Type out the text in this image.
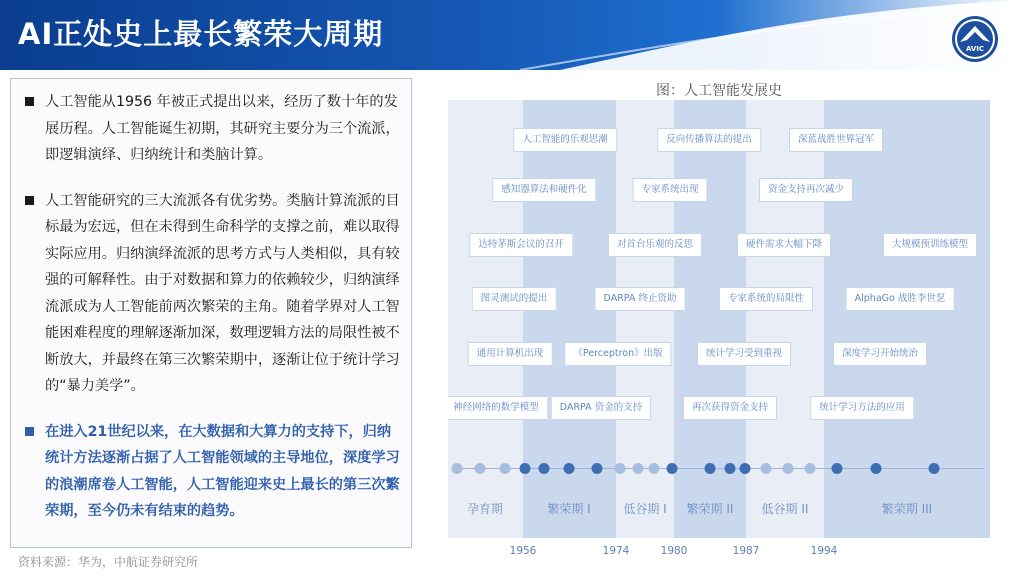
AI正处史上最长繁荣大周期	AVIC
人工智能从1956 年被正式提出以来，经历了数十年的发展历程。人工智能诞生初期，其研究主要分为三个流派，即逻辑演绎、归纳统计和类脑计算。
人工智能研究的三大流派各有优劣势。类脑计算流派的目标最为宏远，但在未得到生命科学的支撑之前，难以取得实际应用。归纳演绎流派的思考方式与人类相似，具有较强的可解释性。由于对数据和算力的依赖较少，归纳演绎流派成为人工智能前两次繁荣的主角。随着学界对人工智能困难程度的理解逐渐加深，数理逻辑方法的局限性被不断放大，并最终在第三次繁荣期中，逐渐让位于统计学习的“暴力美学”。
在进入21世纪以来，在大数据和大算力的支持下，归纳统计方法逐渐占据了人工智能领域的主导地位，深度学习的浪潮席卷人工智能，人工智能迎来史上最长的第三次繁荣期，至今仍未有结束的趋势。
资料来源：华为，中航证券研究所
图：人工智能发展史
人工智能的乐观思潮	反向传播算法的提出	深蓝战胜世界冠军
感知器算法和硬件化	专家系统出现	资金支持再次减少
达特茅斯会议的召开	对首台乐观的反思	硬件需求大幅下降	大规模预训练模型
图灵测试的提出	DARPA 终止资助	专家系统的局限性	AlphaGo 战胜李世乭
通用计算机出现	《Perceptron》出版	统计学习受到重视	深度学习开始统治
神经网络的数学模型	DARPA 资金的支持	再次获得资金支持	统计学习方法的应用
孕育期	繁荣期 I	低谷期 I 繁荣期 II 低谷期 II	繁荣期 III
1956	1974	1980	1987	1994
